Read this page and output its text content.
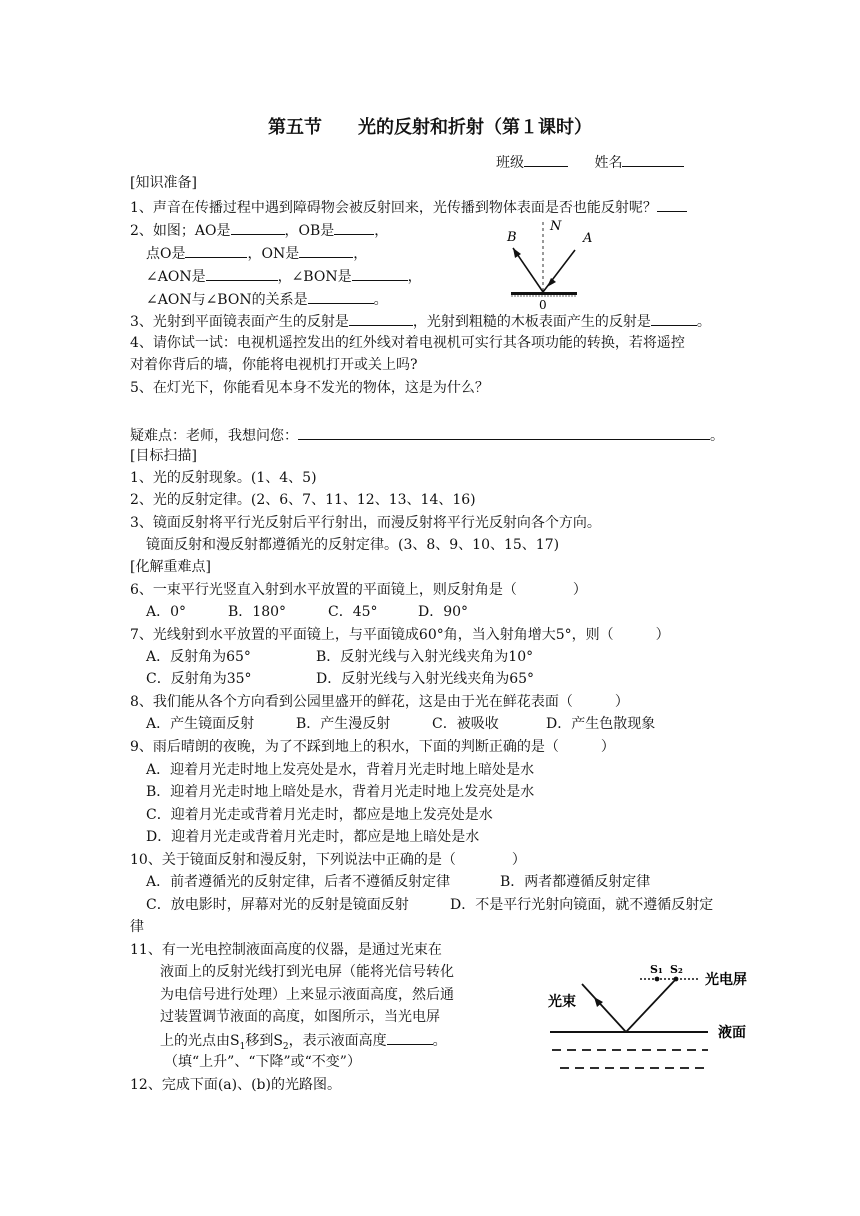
第五节　　光的反射和折射（第１课时）
班级	姓名
[知识准备]
1、声音在传播过程中遇到障碍物会被反射回来，光传播到物体表面是否也能反射呢？
2、如图；AO是	，OB是	，
点O是	，ON是	，
∠AON是	，∠BON是	，
∠AON与∠BON的关系是	。
B
N
A
0
3、光射到平面镜表面产生的反射是	，光射到粗糙的木板表面产生的反射是	。
4、请你试一试：电视机遥控发出的红外线对着电视机可实行其各项功能的转换，若将遥控
对着你背后的墙，你能将电视机打开或关上吗?
5、在灯光下，你能看见本身不发光的物体，这是为什么？
疑难点：老师，我想问您：	。
[目标扫描]
1、光的反射现象。(1、4、5)
2、光的反射定律。(2、6、7、11、12、13、14、16)
3、镜面反射将平行光反射后平行射出，而漫反射将平行光反射向各个方向。
镜面反射和漫反射都遵循光的反射定律。(3、8、9、10、15、17)
[化解重难点]
6、一束平行光竖直入射到水平放置的平面镜上，则反射角是（　　　　）
A．0°	B．180°	C．45°	D．90°
7、光线射到水平放置的平面镜上，与平面镜成60°角，当入射角增大5°，则（　　　）
A．反射角为65°	B．反射光线与入射光线夹角为10°
C．反射角为35°	D．反射光线与入射光线夹角为65°
8、我们能从各个方向看到公园里盛开的鲜花，这是由于光在鲜花表面（　　　）
A．产生镜面反射	B．产生漫反射	C．被吸收	D．产生色散现象
9、雨后晴朗的夜晚，为了不踩到地上的积水，下面的判断正确的是（　　　）
A．迎着月光走时地上发亮处是水，背着月光走时地上暗处是水
B．迎着月光走时地上暗处是水，背着月光走时地上发亮处是水
C．迎着月光走或背着月光走时，都应是地上发亮处是水
D．迎着月光走或背着月光走时，都应是地上暗处是水
10、关于镜面反射和漫反射，下列说法中正确的是（　　　　）
A．前者遵循光的反射定律，后者不遵循反射定律	B．两者都遵循反射定律
C．放电影时，屏幕对光的反射是镜面反射	D．不是平行光射向镜面，就不遵循反射定
律
11、有一光电控制液面高度的仪器，是通过光束在
液面上的反射光线打到光电屏（能将光信号转化
为电信号进行处理）上来显示液面高度，然后通
过装置调节液面的高度，如图所示，当光电屏
上的光点由$S_1$移到$S_2$，表示液面高度	。
（填“上升”、“下降”或“不变”）
S₁ S₂
光电屏
光束
液面
12、完成下面(a)、(b)的光路图。
